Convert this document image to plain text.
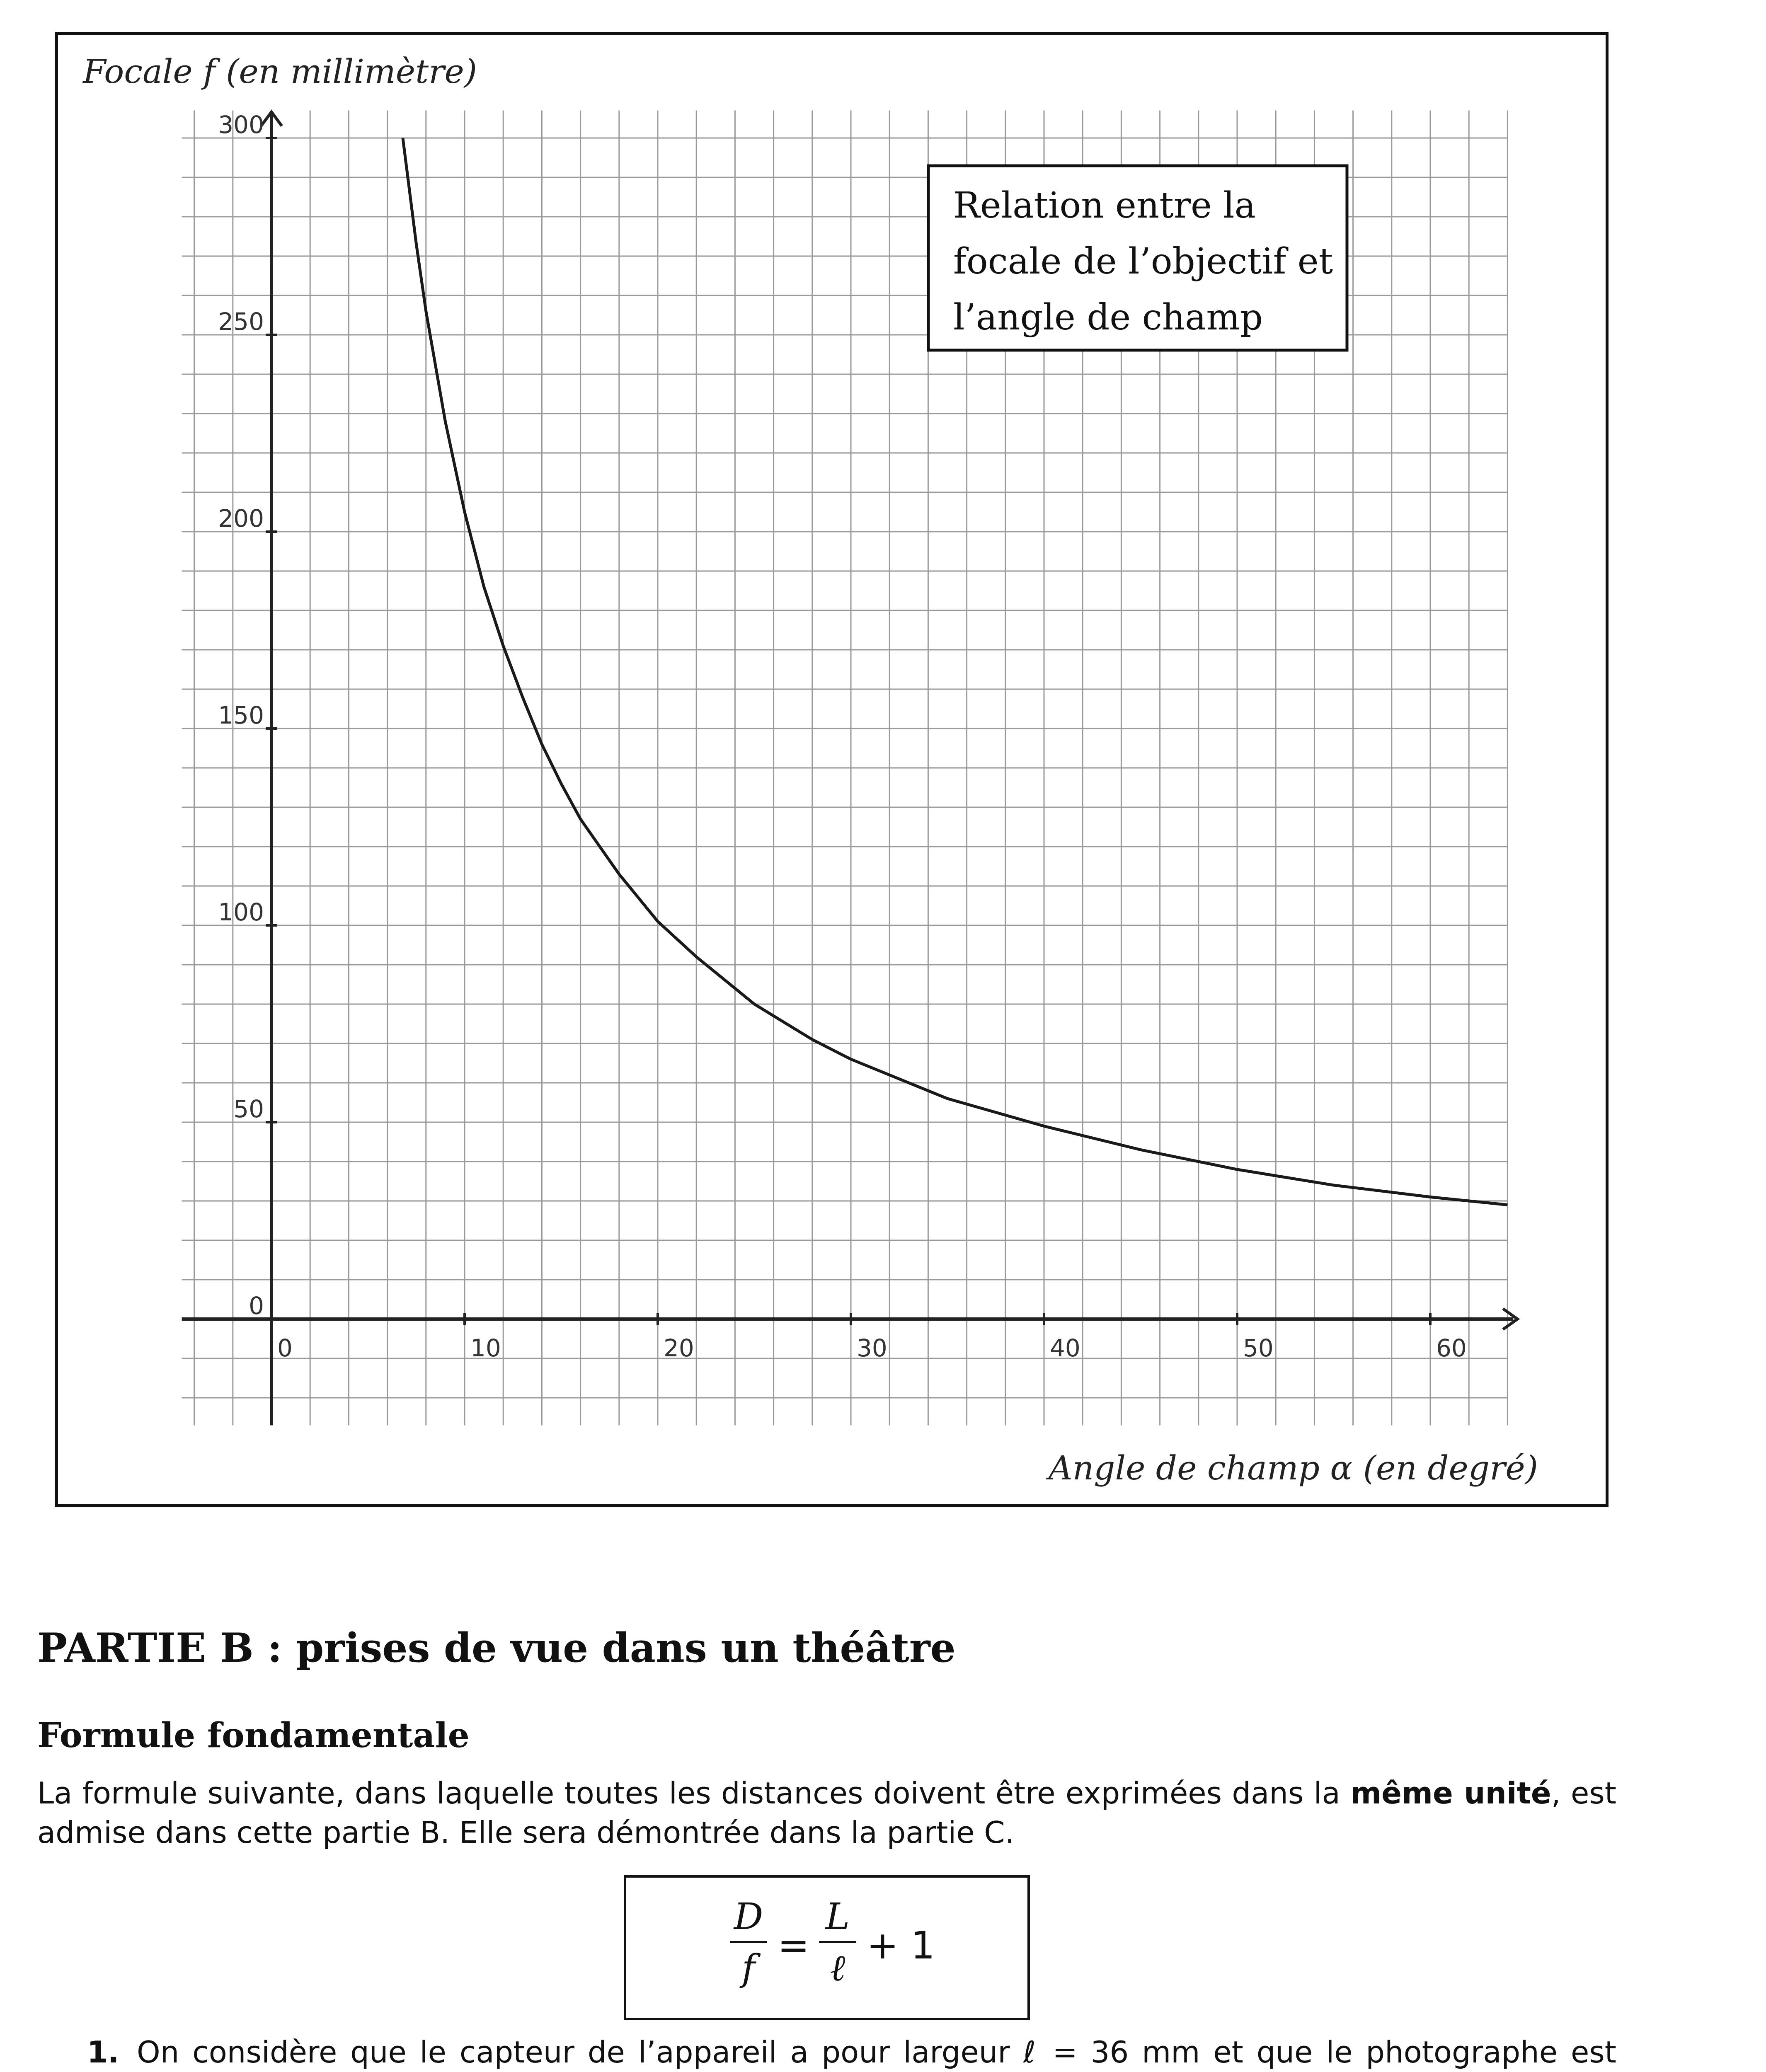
0	10	20	30	40	50	60
0
50
100
150
200
250
300
Focale f (en millimètre)
Angle de champ α (en degré)
Relation entre la
focale de l’objectif et
l’angle de champ
PARTIE B : prises de vue dans un théâtre
Formule fondamentale

La formule suivante, dans laquelle toutes les distances doivent être exprimées dans la même unité, est admise dans cette partie B. Elle sera démontrée dans la partie C.

D
f
=
L
ℓ
+ 1
1. On considère que le capteur de l’appareil a pour largeur ℓ = 36 mm et que le photographe est
